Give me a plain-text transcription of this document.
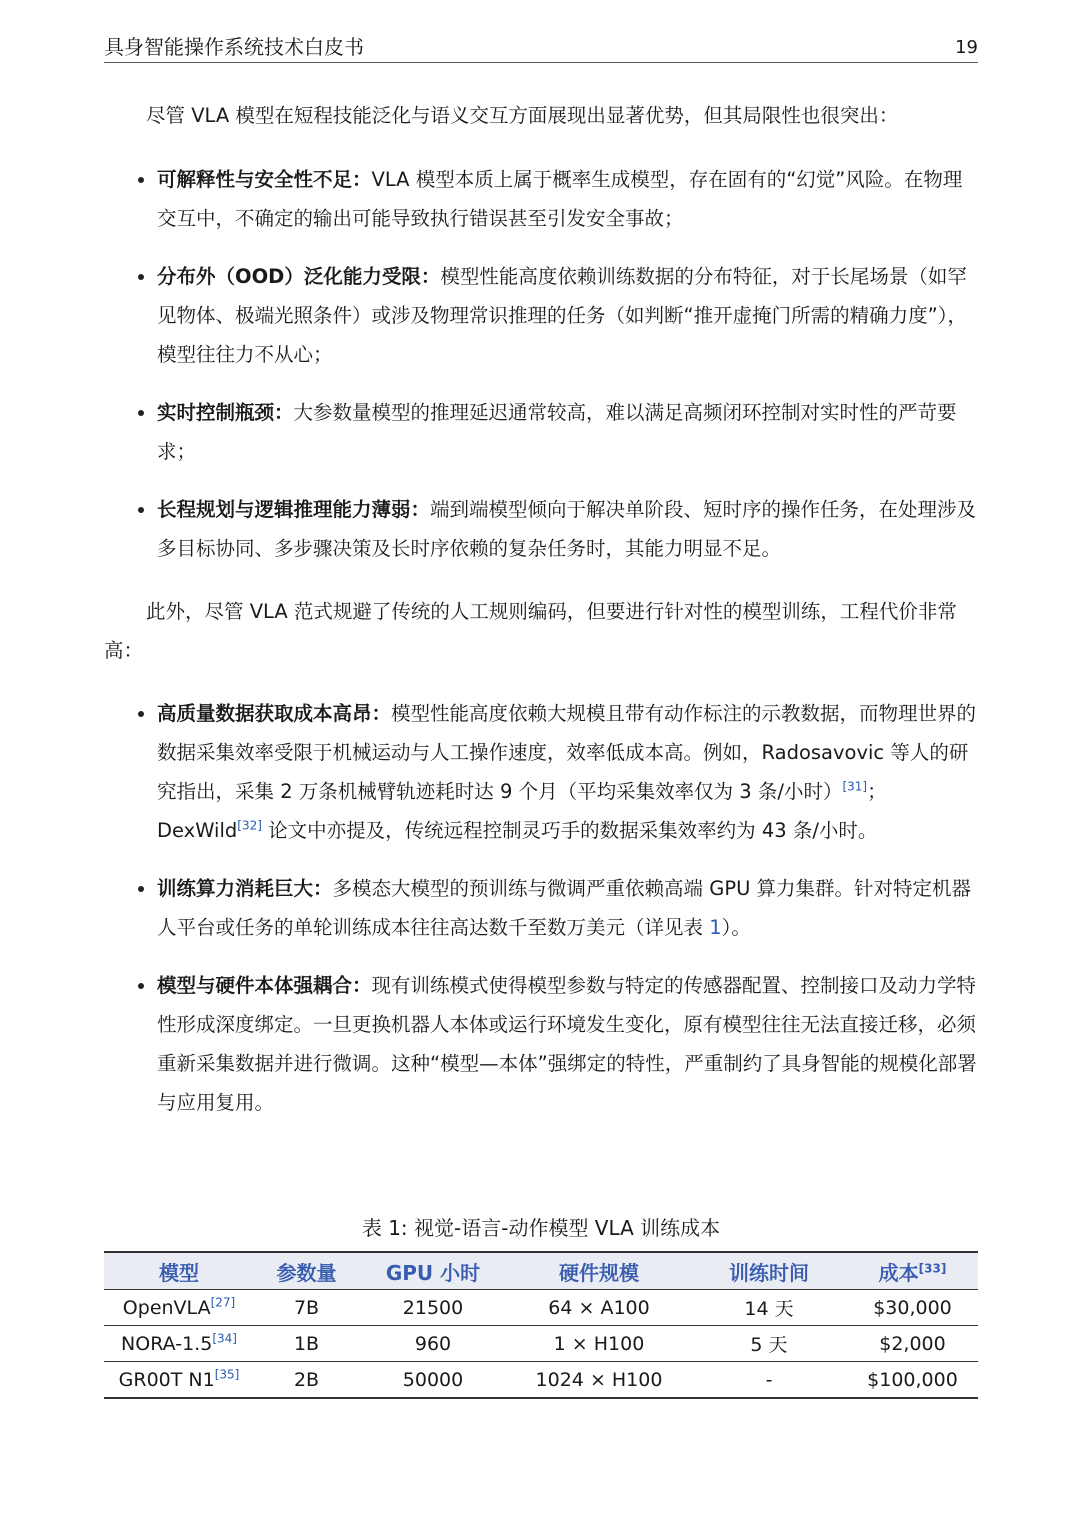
具身智能操作系统技术白皮书	19

尽管 VLA 模型在短程技能泛化与语义交互方面展现出显著优势，但其局限性也很突出：

可解释性与安全性不足：VLA 模型本质上属于概率生成模型，存在固有的“幻觉”风险。在物理交互中，不确定的输出可能导致执行错误甚至引发安全事故；
分布外（OOD）泛化能力受限：模型性能高度依赖训练数据的分布特征，对于长尾场景（如罕见物体、极端光照条件）或涉及物理常识推理的任务（如判断“推开虚掩门所需的精确力度”），模型往往力不从心；
实时控制瓶颈：大参数量模型的推理延迟通常较高，难以满足高频闭环控制对实时性的严苛要求；
长程规划与逻辑推理能力薄弱：端到端模型倾向于解决单阶段、短时序的操作任务，在处理涉及多目标协同、多步骤决策及长时序依赖的复杂任务时，其能力明显不足。

此外，尽管 VLA 范式规避了传统的人工规则编码，但要进行针对性的模型训练，工程代价非常高：

高质量数据获取成本高昂：模型性能高度依赖大规模且带有动作标注的示教数据，而物理世界的数据采集效率受限于机械运动与人工操作速度，效率低成本高。例如，Radosavovic 等人的研究指出，采集 2 万条机械臂轨迹耗时达 9 个月（平均采集效率仅为 3 条/小时）[31]；DexWild[32] 论文中亦提及，传统远程控制灵巧手的数据采集效率约为 43 条/小时。
训练算力消耗巨大：多模态大模型的预训练与微调严重依赖高端 GPU 算力集群。针对特定机器人平台或任务的单轮训练成本往往高达数千至数万美元（详见表 1）。
模型与硬件本体强耦合：现有训练模式使得模型参数与特定的传感器配置、控制接口及动力学特性形成深度绑定。一旦更换机器人本体或运行环境发生变化，原有模型往往无法直接迁移，必须重新采集数据并进行微调。这种“模型—本体”强绑定的特性，严重制约了具身智能的规模化部署与应用复用。
表 1: 视觉-语言-动作模型 VLA 训练成本
模型	参数量	GPU 小时	硬件规模	训练时间	成本[33]
OpenVLA[27]	7B	21500	64 × A100	14 天	$30,000
NORA-1.5[34]	1B	960	1 × H100	5 天	$2,000
GR00T N1[35]	2B	50000	1024 × H100	-	$100,000
